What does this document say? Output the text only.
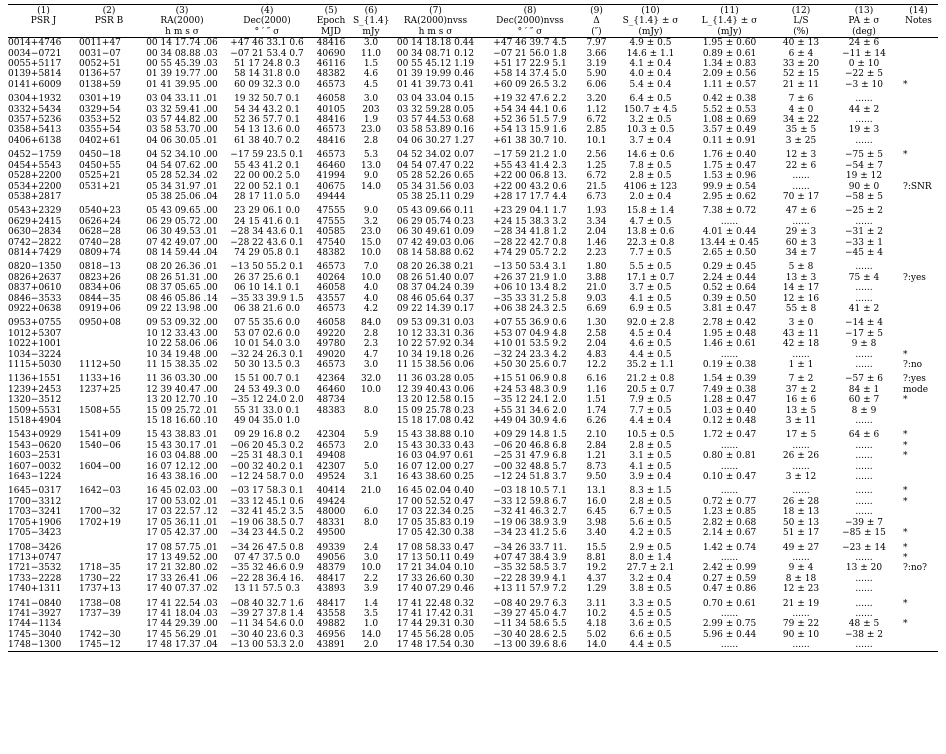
(1)	(2)	(3)	(4)	(5)	(6)	(7)	(8)	(9)	(10)	(11)	(12)	(13)	(14)
PSR J	PSR B	RA(2000)	Dec(2000)	Epoch	S_{1.4}	RA(2000)nvss	Dec(2000)nvss	Δ	S_{1.4} ± σ	L_{1.4} ± σ	L/S	PA ± σ	Notes
		h m s σ	° ′ ″ σ	MJD	mJy	h m s σ	° ′ ″ σ	(″)	(mJy)	(mJy)	(%)	(deg)	
0014+4746	0011+47	00 14 17.74 .06	+47 46 33.1 0.6	48416	3.0	00 14 18.18 0.44	+47 46 39.7 4.5	7.97	4.9 ± 0.5	1.95 ± 0.60	40 ± 13	24 ± 6	
0034−0721	0031−07	00 34 08.88 .03	−07 21 53.4 0.7	40690	11.0	00 34 08.71 0.12	−07 21 56.0 1.8	3.66	14.6 ± 1.1	0.89 ± 0.61	6 ± 4	−11 ± 14	
0055+5117	0052+51	00 55 45.39 .03	51 17 24.8 0.3	46116	1.5	00 55 45.12 1.19	+51 17 22.9 5.1	3.19	4.1 ± 0.4	1.34 ± 0.83	33 ± 20	0 ± 10	
0139+5814	0136+57	01 39 19.77 .00	58 14 31.8 0.0	48382	4.6	01 39 19.99 0.46	+58 14 37.4 5.0	5.90	4.0 ± 0.4	2.09 ± 0.56	52 ± 15	−22 ± 5	
0141+6009	0138+59	01 41 39.95 .00	60 09 32.3 0.0	46573	4.5	01 41 39.73 0.41	+60 09 26.5 3.2	6.06	5.4 ± 0.4	1.11 ± 0.57	21 ± 11	−3 ± 10	*
0304+1932	0301+19	03 04 33.11 .01	19 32 50.7 0.1	46058	3.0	03 04 33.04 0.15	+19 32 47.6 2.2	3.20	6.4 ± 0.5	0.42 ± 0.38	7 ± 6	......	
0332+5434	0329+54	03 32 59.41 .00	54 34 43.2 0.1	40105	203	03 32 59.28 0.05	+54 34 44.1 0.6	1.12	150.7 ± 4.5	5.52 ± 0.53	4 ± 0	44 ± 2	
0357+5236	0353+52	03 57 44.82 .00	52 36 57.7 0.1	48416	1.9	03 57 44.53 0.68	+52 36 51.5 7.9	6.72	3.2 ± 0.5	1.08 ± 0.69	34 ± 22	......	
0358+5413	0355+54	03 58 53.70 .00	54 13 13.6 0.0	46573	23.0	03 58 53.89 0.16	+54 13 15.9 1.6	2.85	10.3 ± 0.5	3.57 ± 0.49	35 ± 5	19 ± 3	
0406+6138	0402+61	04 06 30.05 .01	61 38 40.7 0.2	48416	2.8	04 06 30.27 1.27	+61 38 30.7 10.	10.1	3.7 ± 0.4	0.11 ± 0.91	3 ± 25	......	
0452−1759	0450−18	04 52 34.10 .00	−17 59 23.5 0.1	46573	5.3	04 52 34.02 0.07	−17 59 21.2 1.0	2.56	14.6 ± 0.6	1.76 ± 0.40	12 ± 3	−75 ± 5	*
0454+5543	0450+55	04 54 07.62 .00	55 43 41.2 0.1	46460	13.0	04 54 07.47 0.22	+55 43 41.4 2.3	1.25	7.8 ± 0.5	1.75 ± 0.47	22 ± 6	−54 ± 7	
0528+2200	0525+21	05 28 52.34 .02	22 00 00.2 5.0	41994	9.0	05 28 52.26 0.65	+22 00 06.8 13.	6.72	2.8 ± 0.5	1.53 ± 0.96	......	19 ± 12	
0534+2200	0531+21	05 34 31.97 .01	22 00 52.1 0.1	40675	14.0	05 34 31.56 0.03	+22 00 43.2 0.6	21.5	4106 ± 123	99.9 ± 0.54	......	90 ± 0	?:SNR
0538+2817		05 38 25.06 .04	28 17 11.0 5.0	49444		05 38 25.11 0.29	+28 17 17.7 4.4	6.73	2.0 ± 0.4	2.95 ± 0.62	70 ± 17	−58 ± 5	
0543+2329	0540+23	05 43 09.65 .00	23 29 06.1 0.0	47555	9.0	05 43 09.66 0.11	+23 29 04.1 1.7	1.93	15.8 ± 1.4	7.38 ± 0.72	47 ± 6	−25 ± 2	
0629+2415	0626+24	06 29 05.72 .00	24 15 41.6 0.1	47555	3.2	06 29 05.74 0.23	+24 15 38.3 3.2	3.34	4.7 ± 0.5	......	......	......	
0630−2834	0628−28	06 30 49.53 .01	−28 34 43.6 0.1	40585	23.0	06 30 49.61 0.09	−28 34 41.8 1.2	2.04	13.8 ± 0.6	4.01 ± 0.44	29 ± 3	−31 ± 2	
0742−2822	0740−28	07 42 49.07 .00	−28 22 43.6 0.1	47540	15.0	07 42 49.03 0.06	−28 22 42.7 0.8	1.46	22.3 ± 0.8	13.44 ± 0.45	60 ± 3	−33 ± 1	
0814+7429	0809+74	08 14 59.44 .04	74 29 05.8 0.1	48382	10.0	08 14 58.88 0.62	+74 29 05.7 2.2	2.23	7.7 ± 0.5	2.65 ± 0.50	34 ± 7	−45 ± 4	
0820−1350	0818−13	08 20 26.36 .01	−13 50 55.2 0.1	46573	7.0	08 20 26.38 0.21	−13 50 53.4 3.1	1.80	5.5 ± 0.5	0.29 ± 0.45	5 ± 8	......	
0826+2637	0823+26	08 26 51.31 .00	26 37 25.6 0.1	40264	10.0	08 26 51.40 0.07	+26 37 21.9 1.0	3.88	17.1 ± 0.7	2.24 ± 0.44	13 ± 3	75 ± 4	?:yes
0837+0610	0834+06	08 37 05.65 .00	06 10 14.1 0.1	46058	4.0	08 37 04.24 0.39	+06 10 13.4 8.2	21.0	3.7 ± 0.5	0.52 ± 0.64	14 ± 17	......	
0846−3533	0844−35	08 46 05.86 .14	−35 33 39.9 1.5	43557	4.0	08 46 05.64 0.37	−35 33 31.2 5.8	9.03	4.1 ± 0.5	0.39 ± 0.50	12 ± 16	......	
0922+0638	0919+06	09 22 13.98 .00	06 38 21.6 0.0	46573	4.2	09 22 14.39 0.17	+06 38 24.3 2.5	6.69	6.9 ± 0.5	3.81 ± 0.47	55 ± 8	41 ± 2	
0953+0755	0950+08	09 53 09.32 .00	07 55 35.6 0.0	46058	84.0	09 53 09.31 0.03	+07 55 36.9 0.6	1.30	92.0 ± 2.8	2.78 ± 0.42	3 ± 0	−14 ± 4	
1012+5307		10 12 33.43 .00	53 07 02.6 0.0	49220	2.8	10 12 33.31 0.36	+53 07 04.9 4.8	2.58	4.5 ± 0.4	1.95 ± 0.48	43 ± 11	−17 ± 5	
1022+1001		10 22 58.06 .06	10 01 54.0 3.0	49780	2.3	10 22 57.92 0.34	+10 01 53.5 9.2	2.04	4.6 ± 0.5	1.46 ± 0.61	42 ± 18	9 ± 8	
1034−3224		10 34 19.48 .00	−32 24 26.3 0.1	49020	4.7	10 34 19.18 0.26	−32 24 23.3 4.2	4.83	4.4 ± 0.5	......	......	......	*
1115+5030	1112+50	11 15 38.35 .02	50 30 13.5 0.3	46573	3.0	11 15 38.56 0.06	+50 30 25.6 0.7	12.2	35.2 ± 1.1	0.19 ± 0.38	1 ± 1	......	?:no
1136+1551	1133+16	11 36 03.30 .00	15 51 00.7 0.1	42364	32.0	11 36 03.28 0.05	+15 51 06.9 0.8	6.16	21.2 ± 0.8	1.54 ± 0.39	7 ± 2	−57 ± 6	?:yes
1239+2453	1237+25	12 39 40.47 .00	24 53 49.3 0.0	46460	10.0	12 39 40.43 0.06	+24 53 48.3 0.9	1.16	20.5 ± 0.7	7.49 ± 0.38	37 ± 2	84 ± 1	mode
1320−3512		13 20 12.70 .10	−35 12 24.0 2.0	48734		13 20 12.58 0.15	−35 12 24.1 2.0	1.51	7.9 ± 0.5	1.28 ± 0.47	16 ± 6	60 ± 7	*
1509+5531	1508+55	15 09 25.72 .01	55 31 33.0 0.1	48383	8.0	15 09 25.78 0.23	+55 31 34.6 2.0	1.74	7.7 ± 0.5	1.03 ± 0.40	13 ± 5	8 ± 9	
1518+4904		15 18 16.60 .10	49 04 35.0 1.0			15 18 17.08 0.42	+49 04 30.9 4.6	6.26	4.4 ± 0.4	0.12 ± 0.48	3 ± 11	......	
1543+0929	1541+09	15 43 38.83 .01	09 29 16.8 0.2	42304	5.9	15 43 38.88 0.10	+09 29 14.8 1.5	2.10	10.5 ± 0.5	1.72 ± 0.47	17 ± 5	64 ± 6	*
1543−0620	1540−06	15 43 30.17 .01	−06 20 45.3 0.2	46573	2.0	15 43 30.33 0.43	−06 20 46.8 6.8	2.84	2.8 ± 0.5	......	......	......	*
1603−2531		16 03 04.88 .00	−25 31 48.3 0.1	49408		16 03 04.97 0.61	−25 31 47.9 6.8	1.21	3.1 ± 0.5	0.80 ± 0.81	26 ± 26	......	*
1607−0032	1604−00	16 07 12.12 .00	−00 32 40.2 0.1	42307	5.0	16 07 12.00 0.27	−00 32 48.8 5.7	8.73	4.1 ± 0.5	......	......	......	
1643−1224		16 43 38.16 .00	−12 24 58.7 0.0	49524	3.1	16 43 38.60 0.25	−12 24 51.8 3.7	9.50	3.9 ± 0.4	0.10 ± 0.47	3 ± 12	......	
1645−0317	1642−03	16 45 02.03 .00	−03 17 58.3 0.1	40414	21.0	16 45 02.04 0.40	−03 18 10.5 7.1	13.1	8.3 ± 1.5	......	......	......	*
1700−3312		17 00 53.02 .01	−33 12 45.1 0.6	49424		17 00 52.52 0.47	−33 12 59.8 6.7	16.0	2.8 ± 0.5	0.72 ± 0.77	26 ± 28	......	*
1703−3241	1700−32	17 03 22.57 .12	−32 41 45.2 3.5	48000	6.0	17 03 22.34 0.25	−32 41 46.3 2.7	6.45	6.7 ± 0.5	1.23 ± 0.85	18 ± 13	......	
1705+1906	1702+19	17 05 36.11 .01	−19 06 38.5 0.7	48331	8.0	17 05 35.83 0.19	−19 06 38.9 3.9	3.98	5.6 ± 0.5	2.82 ± 0.68	50 ± 13	−39 ± 7	
1705−3423		17 05 42.37 .00	−34 23 44.5 0.2	49500		17 05 42.30 0.38	−34 23 41.2 5.6	3.40	4.2 ± 0.5	2.14 ± 0.67	51 ± 17	−85 ± 15	*
1708−3426		17 08 57.75 .01	−34 26 47.5 0.8	49339	2.4	17 08 58.33 0.47	−34 26 33.7 11.	15.5	2.9 ± 0.5	1.42 ± 0.74	49 ± 27	−23 ± 14	*
1713+0747		17 13 49.52 .00	07 47 37.5 0.0	49056	3.0	17 13 50.11 0.49	+07 47 38.4 3.9	8.81	8.0 ± 1.4	......	......	......	*
1721−3532	1718−35	17 21 32.80 .02	−35 32 46.6 0.9	48379	10.0	17 21 34.04 0.10	−35 32 58.5 3.7	19.2	27.7 ± 2.1	2.42 ± 0.99	9 ± 4	13 ± 20	?:no?
1733−2228	1730−22	17 33 26.41 .06	−22 28 36.4 16.	48417	2.2	17 33 26.60 0.30	−22 28 39.9 4.1	4.37	3.2 ± 0.4	0.27 ± 0.59	8 ± 18	......	
1740+1311	1737+13	17 40 07.37 .02	13 11 57.5 0.3	43893	3.9	17 40 07.29 0.46	+13 11 57.9 7.2	1.29	3.8 ± 0.5	0.47 ± 0.86	12 ± 23	......	
1741−0840	1738−08	17 41 22.54 .03	−08 40 32.7 1.6	48417	1.4	17 41 22.48 0.32	−08 40 29.7 6.3	3.11	3.3 ± 0.5	0.70 ± 0.61	21 ± 19	......	*
1741−3927	1737−39	17 41 18.04 .03	−39 27 37.8 1.4	43558	3.5	17 41 17.42 0.31	−39 27 45.0 4.7	10.2	4.5 ± 0.5	......	......	......	
1744−1134		17 44 29.39 .00	−11 34 54.6 0.0	49882	1.0	17 44 29.31 0.30	−11 34 58.6 5.5	4.18	3.6 ± 0.5	2.99 ± 0.75	79 ± 22	48 ± 5	*
1745−3040	1742−30	17 45 56.29 .01	−30 40 23.6 0.3	46956	14.0	17 45 56.28 0.05	−30 40 28.6 2.5	5.02	6.6 ± 0.5	5.96 ± 0.44	90 ± 10	−38 ± 2	
1748−1300	1745−12	17 48 17.37 .04	−13 00 53.3 2.0	43891	2.0	17 48 17.54 0.30	−13 00 39.6 8.6	14.0	4.4 ± 0.5	......	......	......	
